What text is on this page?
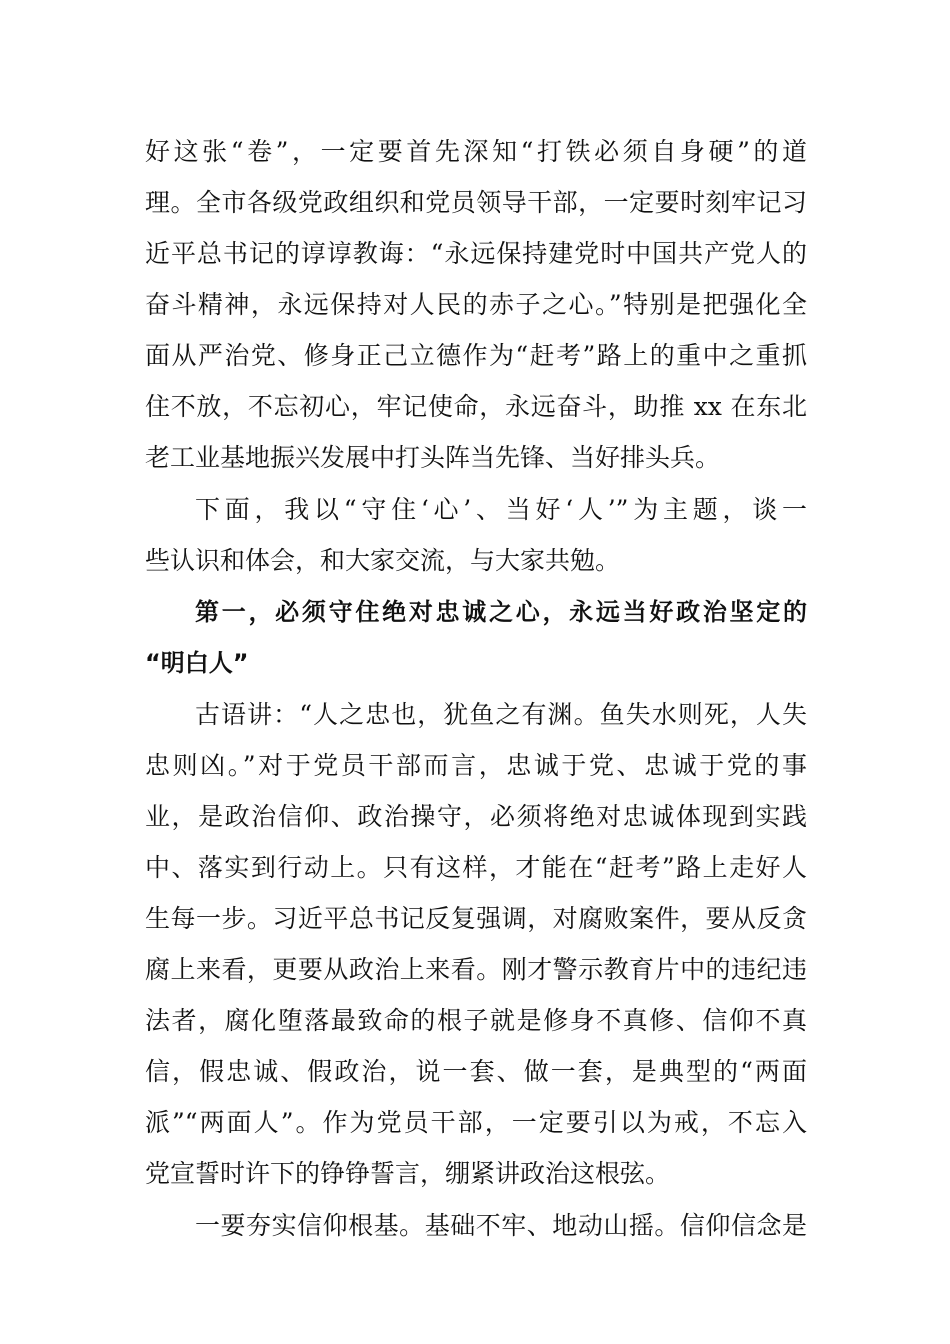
好这张“卷”，一定要首先深知“打铁必须自身硬”的道
理。全市各级党政组织和党员领导干部，一定要时刻牢记习
近平总书记的谆谆教诲：“永远保持建党时中国共产党人的
奋斗精神，永远保持对人民的赤子之心。”特别是把强化全
面从严治党、修身正己立德作为“赶考”路上的重中之重抓
住不放，不忘初心，牢记使命，永远奋斗，助推 xx 在东北
老工业基地振兴发展中打头阵当先锋、当好排头兵。
下面，我以“守住‘心’、当好‘人’”为主题，谈一
些认识和体会，和大家交流，与大家共勉。
第一，必须守住绝对忠诚之心，永远当好政治坚定的
“明白人”
古语讲：“人之忠也，犹鱼之有渊。鱼失水则死，人失
忠则凶。”对于党员干部而言，忠诚于党、忠诚于党的事
业，是政治信仰、政治操守，必须将绝对忠诚体现到实践
中、落实到行动上。只有这样，才能在“赶考”路上走好人
生每一步。习近平总书记反复强调，对腐败案件，要从反贪
腐上来看，更要从政治上来看。刚才警示教育片中的违纪违
法者，腐化堕落最致命的根子就是修身不真修、信仰不真
信，假忠诚、假政治，说一套、做一套，是典型的“两面
派”“两面人”。作为党员干部，一定要引以为戒，不忘入
党宣誓时许下的铮铮誓言，绷紧讲政治这根弦。
一要夯实信仰根基。基础不牢、地动山摇。信仰信念是
